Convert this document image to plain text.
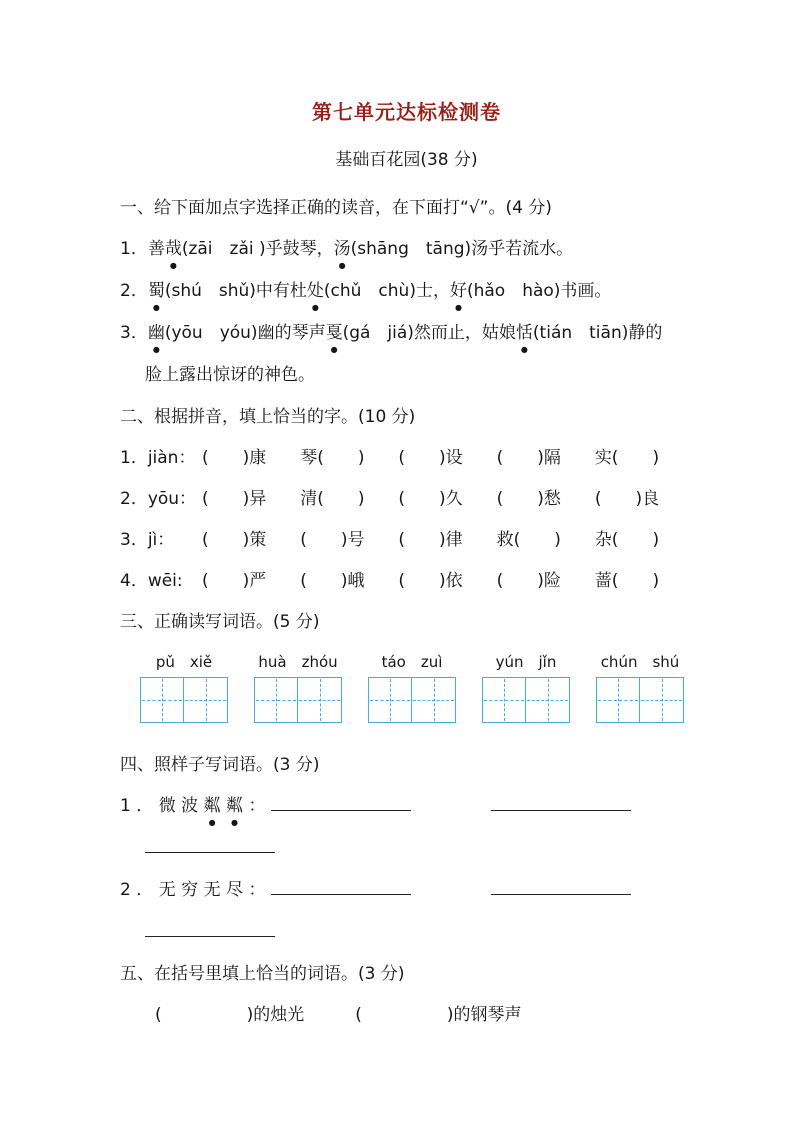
第七单元达标检测卷
基础百花园(38 分)

一、给下面加点字选择正确的读音，在下面打“√”。(4 分)

1．善哉 ●(zāi　zǎi )乎鼓琴，汤 ●(shāng　tāng)汤乎若流水。

2．蜀 ●(shú　shǔ)中有杜处 ●(chǔ　chù)士，好 ●(hǎo　hào)书画。

3．幽 ●(yōu　yóu)幽的琴声戛 ●(gá　jiá)然而止，姑娘恬 ●(tián　tiān)静的

脸上露出惊讶的神色。

二、根据拼音，填上恰当的字。(10 分)

1．jiàn： (　　)康	琴(　　)	(　　)设	(　　)隔	实(　　)
2．yōu： (　　)异	清(　　)	(　　)久	(　　)愁	(　　)良
3．jì：	(　　)策	(　　)号	(　　)律	救(　　)	杂(　　)
4．wēi:	(　　)严	(　　)峨	(　　)依	(　　)险	蔷(　　)

三、正确读写词语。(5 分)

pǔ　xiě	huà　zhóu	táo　zuì	yún　jǐn	chún　shú

四、照样子写词语。(3 分)

1．微波粼 ●粼 ●：

2．无穷无尽：

五、在括号里填上恰当的词语。(3 分)

(　　　　　)的烛光　　　(　　　　　)的钢琴声
